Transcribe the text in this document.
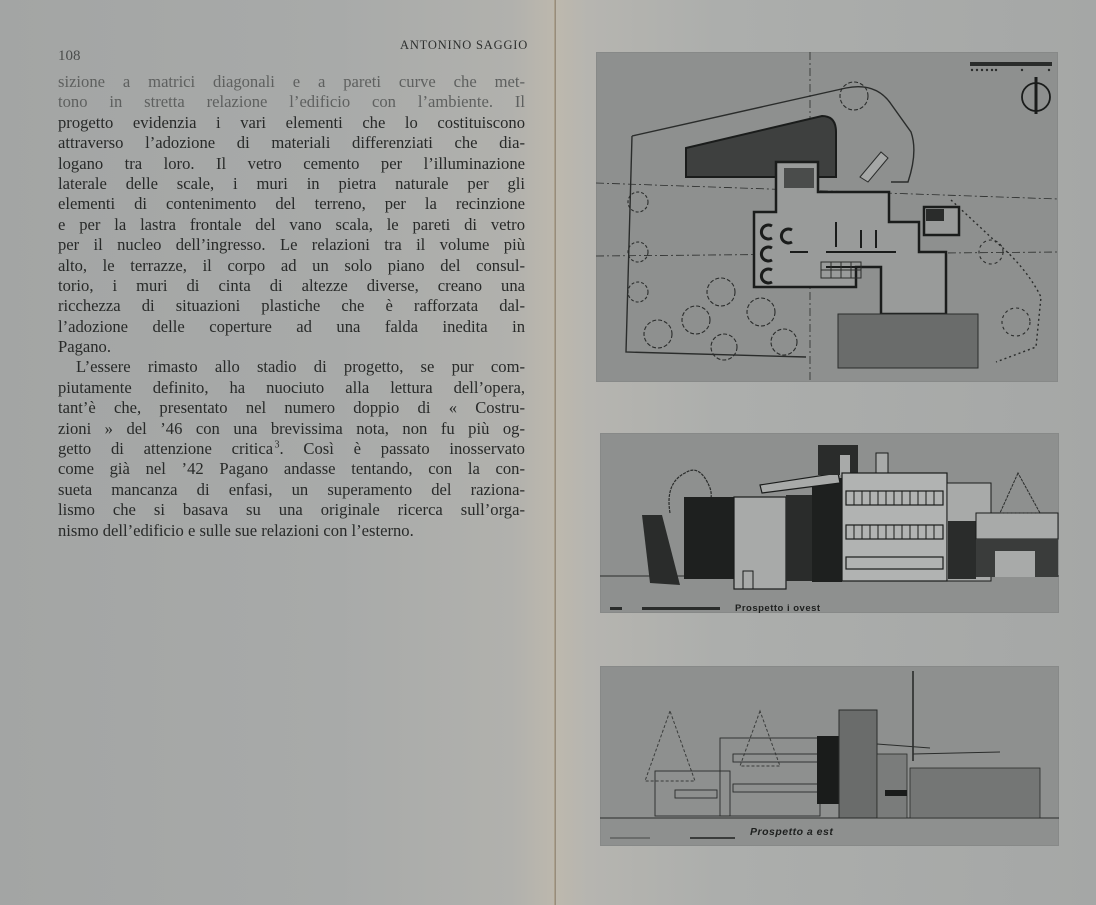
108
ANTONINO SAGGIO
sizione a matrici diagonali e a pareti curve che met-
tono in stretta relazione l’edificio con l’ambiente. Il
progetto evidenzia i vari elementi che lo costituiscono
attraverso l’adozione di materiali differenziati che dia-
logano tra loro. Il vetro cemento per l’illuminazione
laterale delle scale, i muri in pietra naturale per gli
elementi di contenimento del terreno, per la recinzione
e per la lastra frontale del vano scala, le pareti di vetro
per il nucleo dell’ingresso. Le relazioni tra il volume più
alto, le terrazze, il corpo ad un solo piano del consul-
torio, i muri di cinta di altezze diverse, creano una
ricchezza di situazioni plastiche che è rafforzata dal-
l’adozione delle coperture ad una falda inedita in
Pagano.
L’essere rimasto allo stadio di progetto, se pur com-
piutamente definito, ha nuociuto alla lettura dell’opera,
tant’è che, presentato nel numero doppio di « Costru-
zioni » del ’46 con una brevissima nota, non fu più og-
getto di attenzione critica $^3$. Così è passato inosservato
come già nel ’42 Pagano andasse tentando, con la con-
sueta mancanza di enfasi, un superamento del raziona-
lismo che si basava su una originale ricerca sull’orga-
nismo dell’edificio e sulle sue relazioni con l’esterno.
Prospetto i ovest
Prospetto a est
